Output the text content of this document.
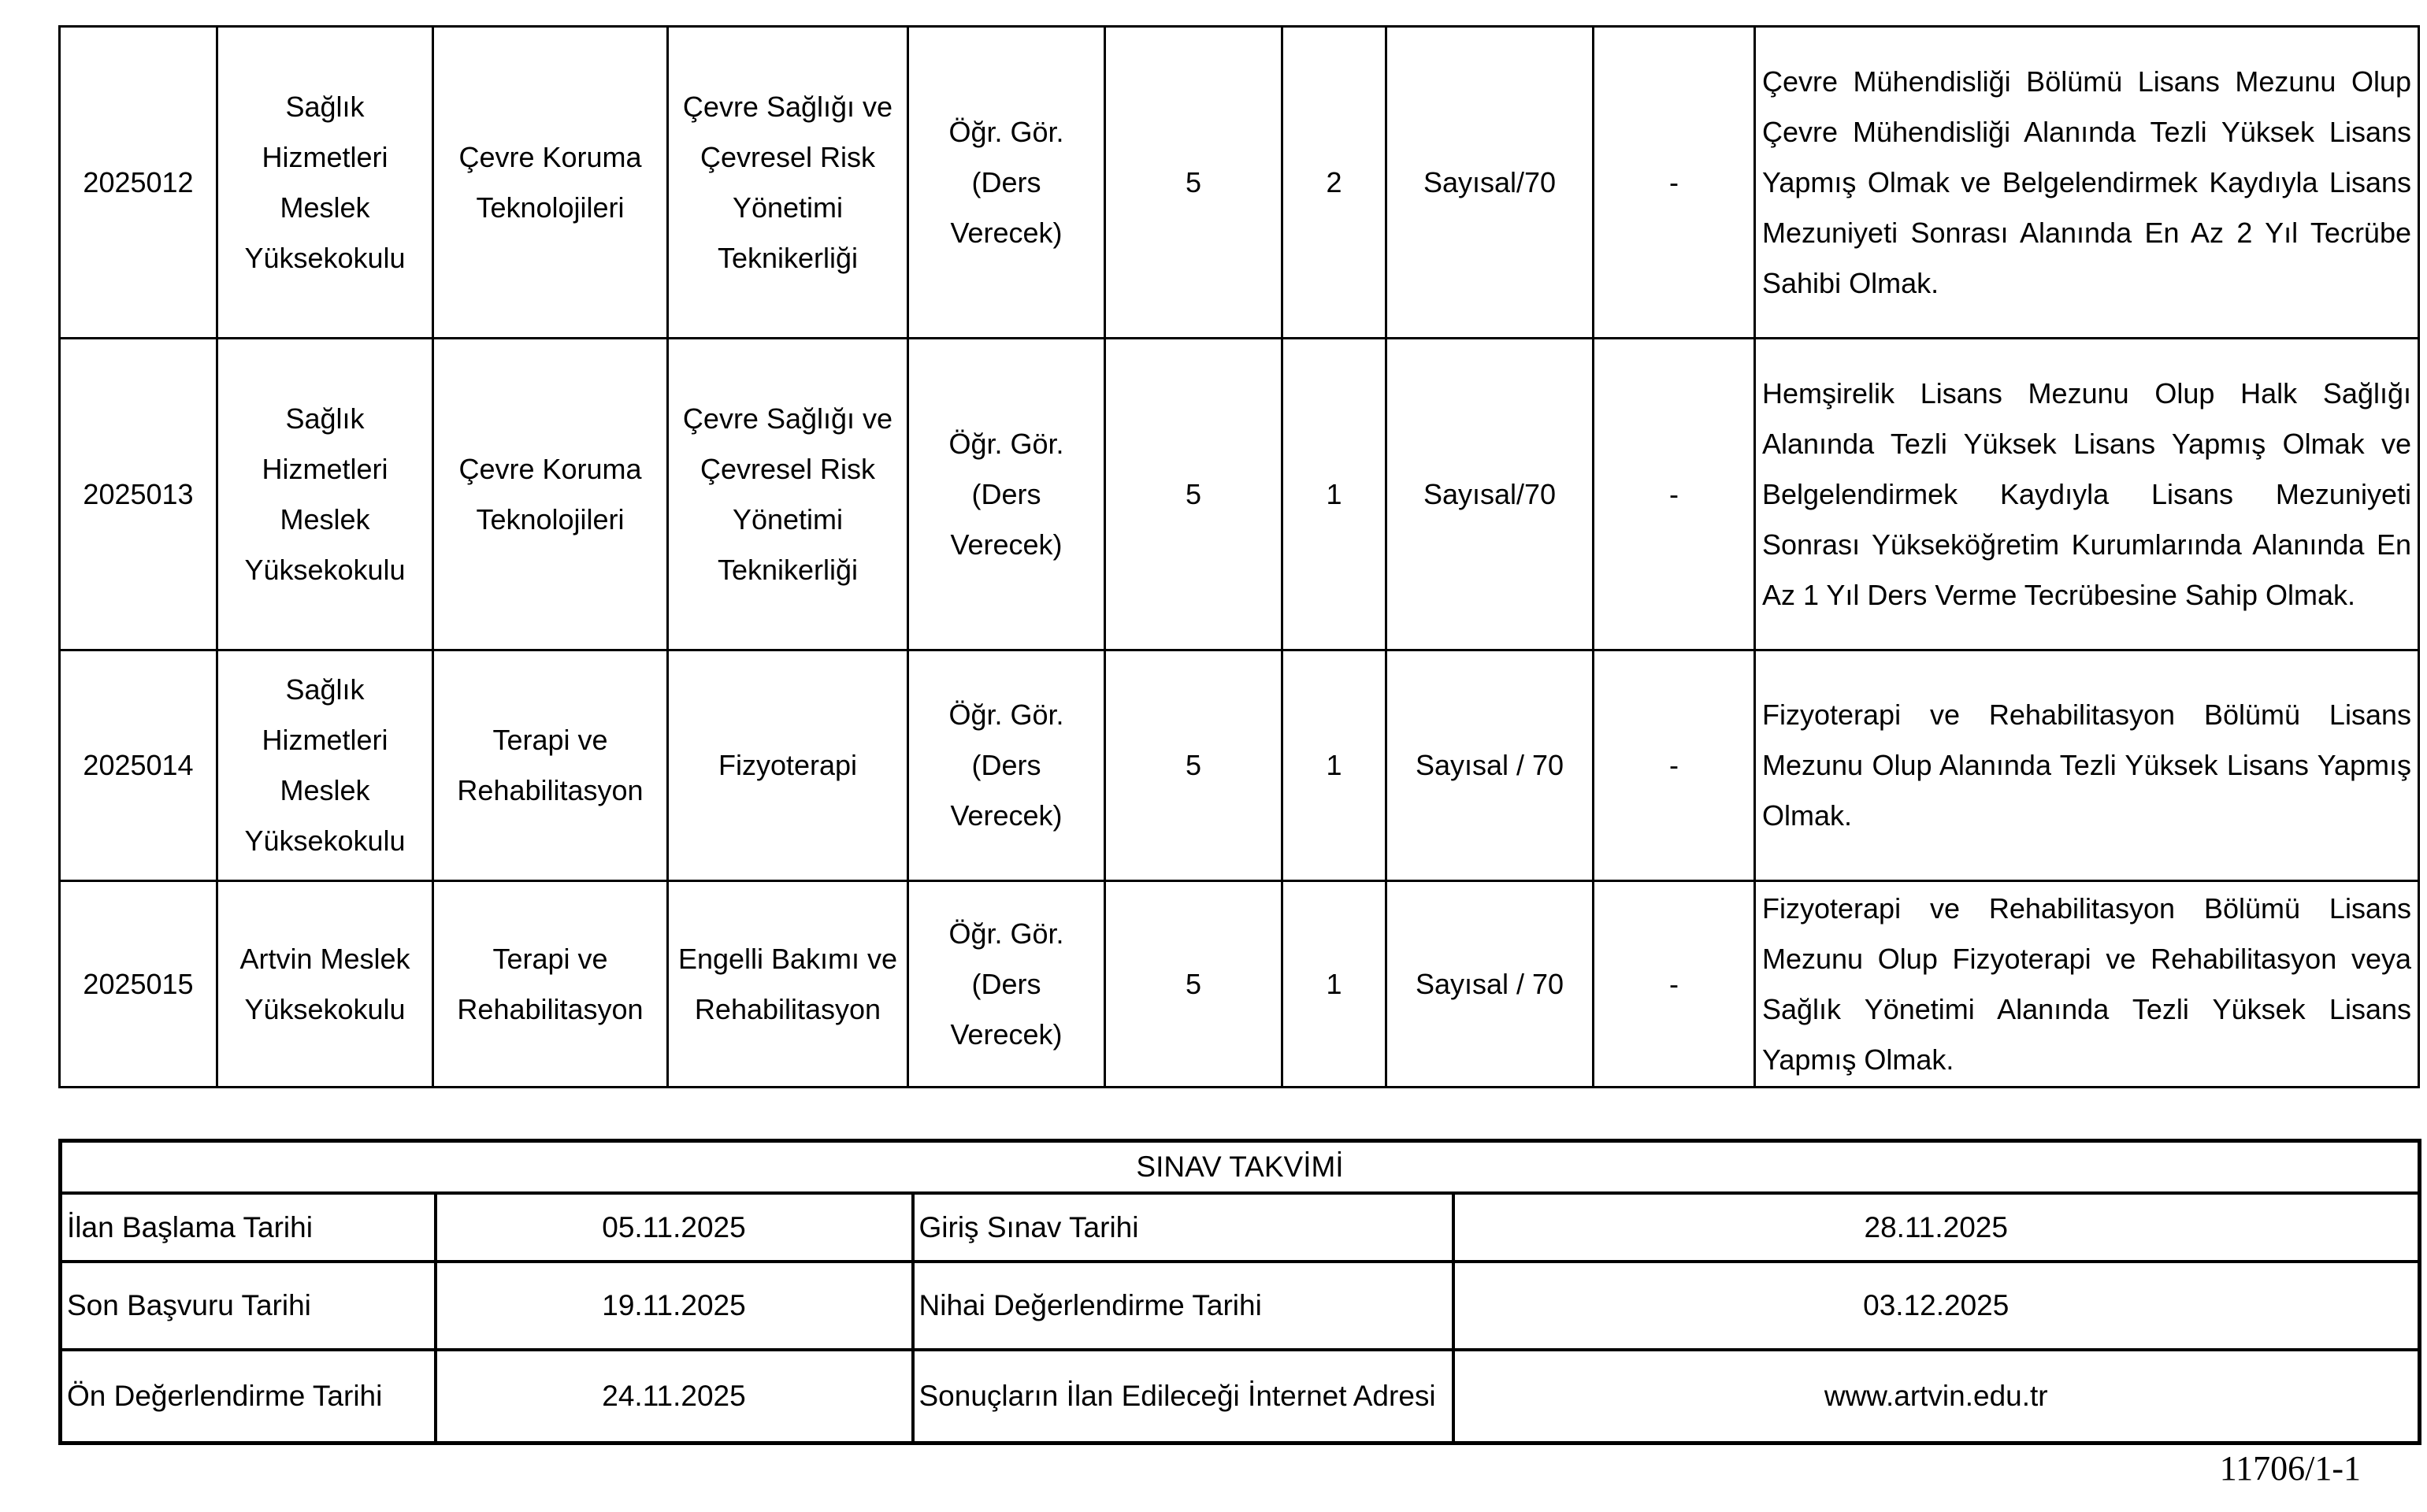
2025012	Sağlık Hizmetleri Meslek Yüksekokulu	Çevre Koruma Teknolojileri	Çevre Sağlığı ve Çevresel Risk Yönetimi Teknikerliği	Öğr. Gör. (Ders Verecek)	5	2	Sayısal/70	-	Çevre Mühendisliği Bölümü Lisans Mezunu Olup Çevre Mühendisliği Alanında Tezli Yüksek Lisans Yapmış Olmak ve Belgelendirmek Kaydıyla Lisans Mezuniyeti Sonrası Alanında En Az 2 Yıl Tecrübe Sahibi Olmak.
2025013	Sağlık Hizmetleri Meslek Yüksekokulu	Çevre Koruma Teknolojileri	Çevre Sağlığı ve Çevresel Risk Yönetimi Teknikerliği	Öğr. Gör. (Ders Verecek)	5	1	Sayısal/70	-	Hemşirelik Lisans Mezunu Olup Halk Sağlığı Alanında Tezli Yüksek Lisans Yapmış Olmak ve Belgelendirmek Kaydıyla Lisans Mezuniyeti Sonrası Yükseköğretim Kurumlarında Alanında En Az 1 Yıl Ders Verme Tecrübesine Sahip Olmak.
2025014	Sağlık Hizmetleri Meslek Yüksekokulu	Terapi ve Rehabilitasyon	Fizyoterapi	Öğr. Gör. (Ders Verecek)	5	1	Sayısal / 70	-	Fizyoterapi ve Rehabilitasyon Bölümü Lisans Mezunu Olup Alanında Tezli Yüksek Lisans Yapmış Olmak.
2025015	Artvin Meslek Yüksekokulu	Terapi ve Rehabilitasyon	Engelli Bakımı ve Rehabilitasyon	Öğr. Gör. (Ders Verecek)	5	1	Sayısal / 70	-	Fizyoterapi ve Rehabilitasyon Bölümü Lisans Mezunu Olup Fizyoterapi ve Rehabilitasyon veya Sağlık Yönetimi Alanında Tezli Yüksek Lisans Yapmış Olmak.
SINAV TAKVİMİ			
İlan Başlama Tarihi	05.11.2025	Giriş Sınav Tarihi	28.11.2025
Son Başvuru Tarihi	19.11.2025	Nihai Değerlendirme Tarihi	03.12.2025
Ön Değerlendirme Tarihi	24.11.2025	Sonuçların İlan Edileceği İnternet Adresi	www.artvin.edu.tr
11706/1-1
